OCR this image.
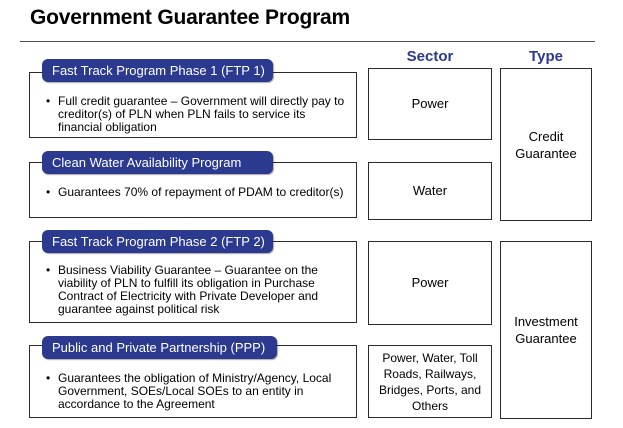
Government Guarantee Program
Sector	Type
Fast Track Program Phase 1 (FTP 1)
• Full credit guarantee – Government will directly pay to creditor(s) of PLN when PLN fails to service its financial obligation
Clean Water Availability Program
• Guarantees 70% of repayment of PDAM to creditor(s)
Fast Track Program Phase 2 (FTP 2)
• Business Viability Guarantee – Guarantee on the viability of PLN to fulfill its obligation in Purchase Contract of Electricity with Private Developer and guarantee against political risk
Public and Private Partnership (PPP)
• Guarantees the obligation of Ministry/Agency, Local Government, SOEs/Local SOEs to an entity in accordance to the Agreement
Power
Water
Power
Power, Water, Toll Roads, Railways, Bridges, Ports, and Others
Credit Guarantee
Investment Guarantee
